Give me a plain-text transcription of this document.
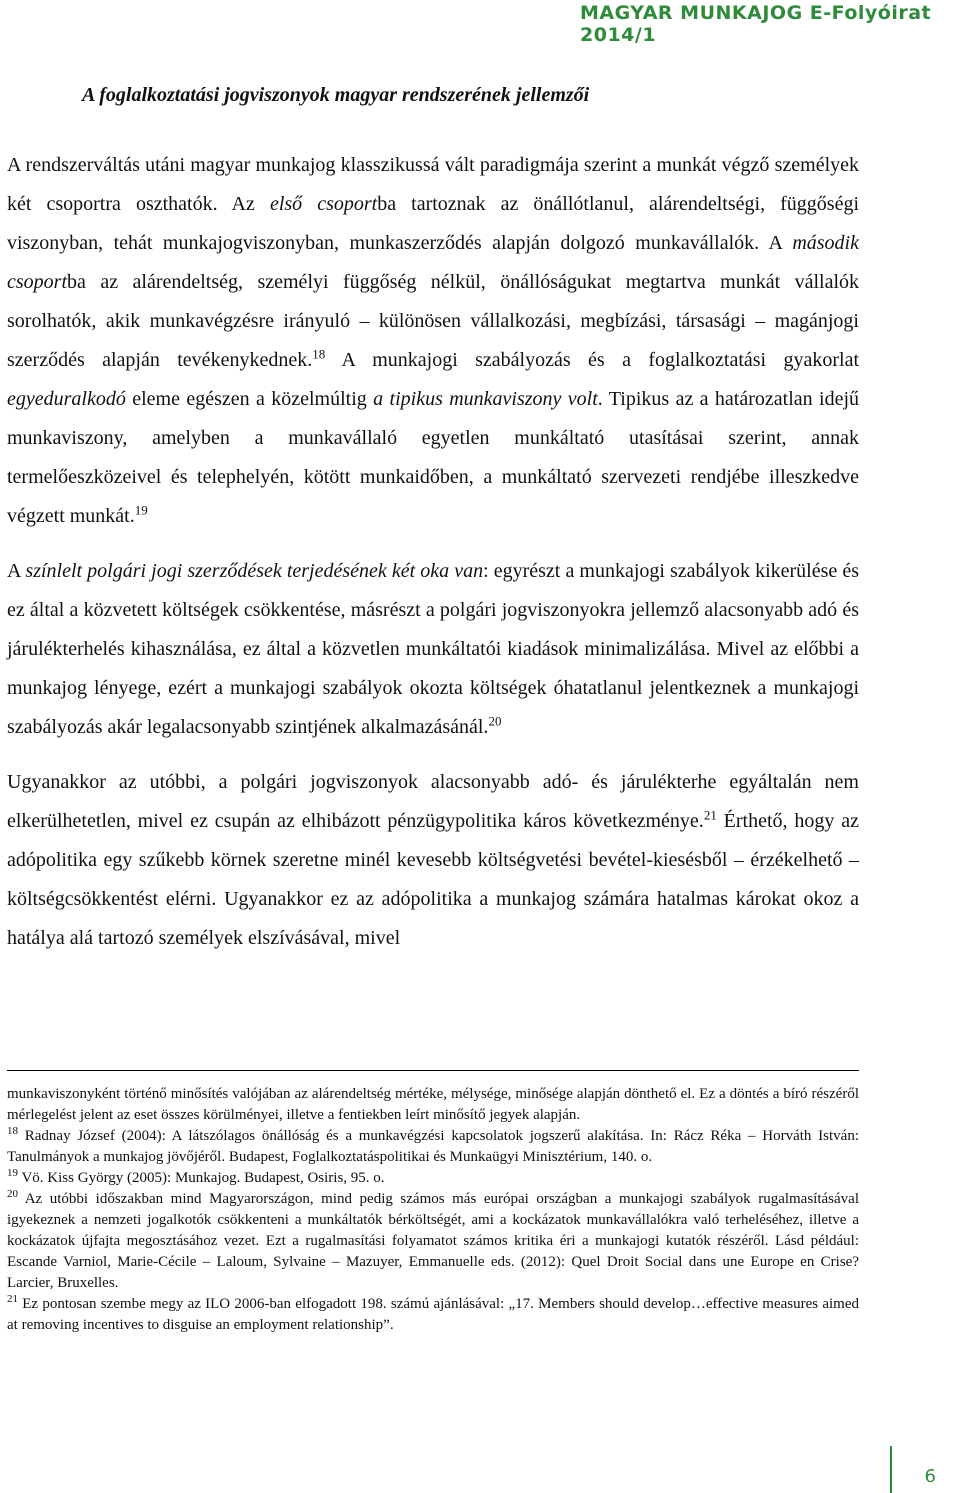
MAGYAR MUNKAJOG E-Folyóirat 2014/1
A foglalkoztatási jogviszonyok magyar rendszerének jellemzői

A rendszerváltás utáni magyar munkajog klasszikussá vált paradigmája szerint a munkát végző személyek két csoportra oszthatók. Az első csoportba tartoznak az önállótlanul, alárendeltségi, függőségi viszonyban, tehát munkajogviszonyban, munkaszerződés alapján dolgozó munkavállalók. A második csoportba az alárendeltség, személyi függőség nélkül, önállóságukat megtartva munkát vállalók sorolhatók, akik munkavégzésre irányuló – különösen vállalkozási, megbízási, társasági – magánjogi szerződés alapján tevékenykednek.$^{18}$ A munkajogi szabályozás és a foglalkoztatási gyakorlat egyeduralkodó eleme egészen a közelmúltig a tipikus munkaviszony volt. Tipikus az a határozatlan idejű munkaviszony, amelyben a munkavállaló egyetlen munkáltató utasításai szerint, annak termelőeszközeivel és telephelyén, kötött munkaidőben, a munkáltató szervezeti rendjébe illeszkedve végzett munkát.$^{19}$

A színlelt polgári jogi szerződések terjedésének két oka van: egyrészt a munkajogi szabályok kikerülése és ez által a közvetett költségek csökkentése, másrészt a polgári jogviszonyokra jellemző alacsonyabb adó és járulékterhelés kihasználása, ez által a közvetlen munkáltatói kiadások minimalizálása. Mivel az előbbi a munkajog lényege, ezért a munkajogi szabályok okozta költségek óhatatlanul jelentkeznek a munkajogi szabályozás akár legalacsonyabb szintjének alkalmazásánál.$^{20}$

Ugyanakkor az utóbbi, a polgári jogviszonyok alacsonyabb adó- és járulékterhe egyáltalán nem elkerülhetetlen, mivel ez csupán az elhibázott pénzügypolitika káros következménye.$^{21}$ Érthető, hogy az adópolitika egy szűkebb körnek szeretne minél kevesebb költségvetési bevétel-kiesésből – érzékelhető – költségcsökkentést elérni. Ugyanakkor ez az adópolitika a munkajog számára hatalmas károkat okoz a hatálya alá tartozó személyek elszívásával, mivel

munkaviszonyként történő minősítés valójában az alárendeltség mértéke, mélysége, minősége alapján dönthető el. Ez a döntés a bíró részéről mérlegelést jelent az eset összes körülményei, illetve a fentiekben leírt minősítő jegyek alapján.

$^{18}$ Radnay József (2004): A látszólagos önállóság és a munkavégzési kapcsolatok jogszerű alakítása. In: Rácz Réka – Horváth István: Tanulmányok a munkajog jövőjéről. Budapest, Foglalkoztatáspolitikai és Munkaügyi Minisztérium, 140. o.

$^{19}$ Vö. Kiss György (2005): Munkajog. Budapest, Osiris, 95. o.

$^{20}$ Az utóbbi időszakban mind Magyarországon, mind pedig számos más európai országban a munkajogi szabályok rugalmasításával igyekeznek a nemzeti jogalkotók csökkenteni a munkáltatók bérköltségét, ami a kockázatok munkavállalókra való terheléséhez, illetve a kockázatok újfajta megosztásához vezet. Ezt a rugalmasítási folyamatot számos kritika éri a munkajogi kutatók részéről. Lásd például: Escande Varniol, Marie-Cécile – Laloum, Sylvaine – Mazuyer, Emmanuelle eds. (2012): Quel Droit Social dans une Europe en Crise? Larcier, Bruxelles.

$^{21}$ Ez pontosan szembe megy az ILO 2006-ban elfogadott 198. számú ajánlásával: „17. Members should develop…effective measures aimed at removing incentives to disguise an employment relationship”.

6
